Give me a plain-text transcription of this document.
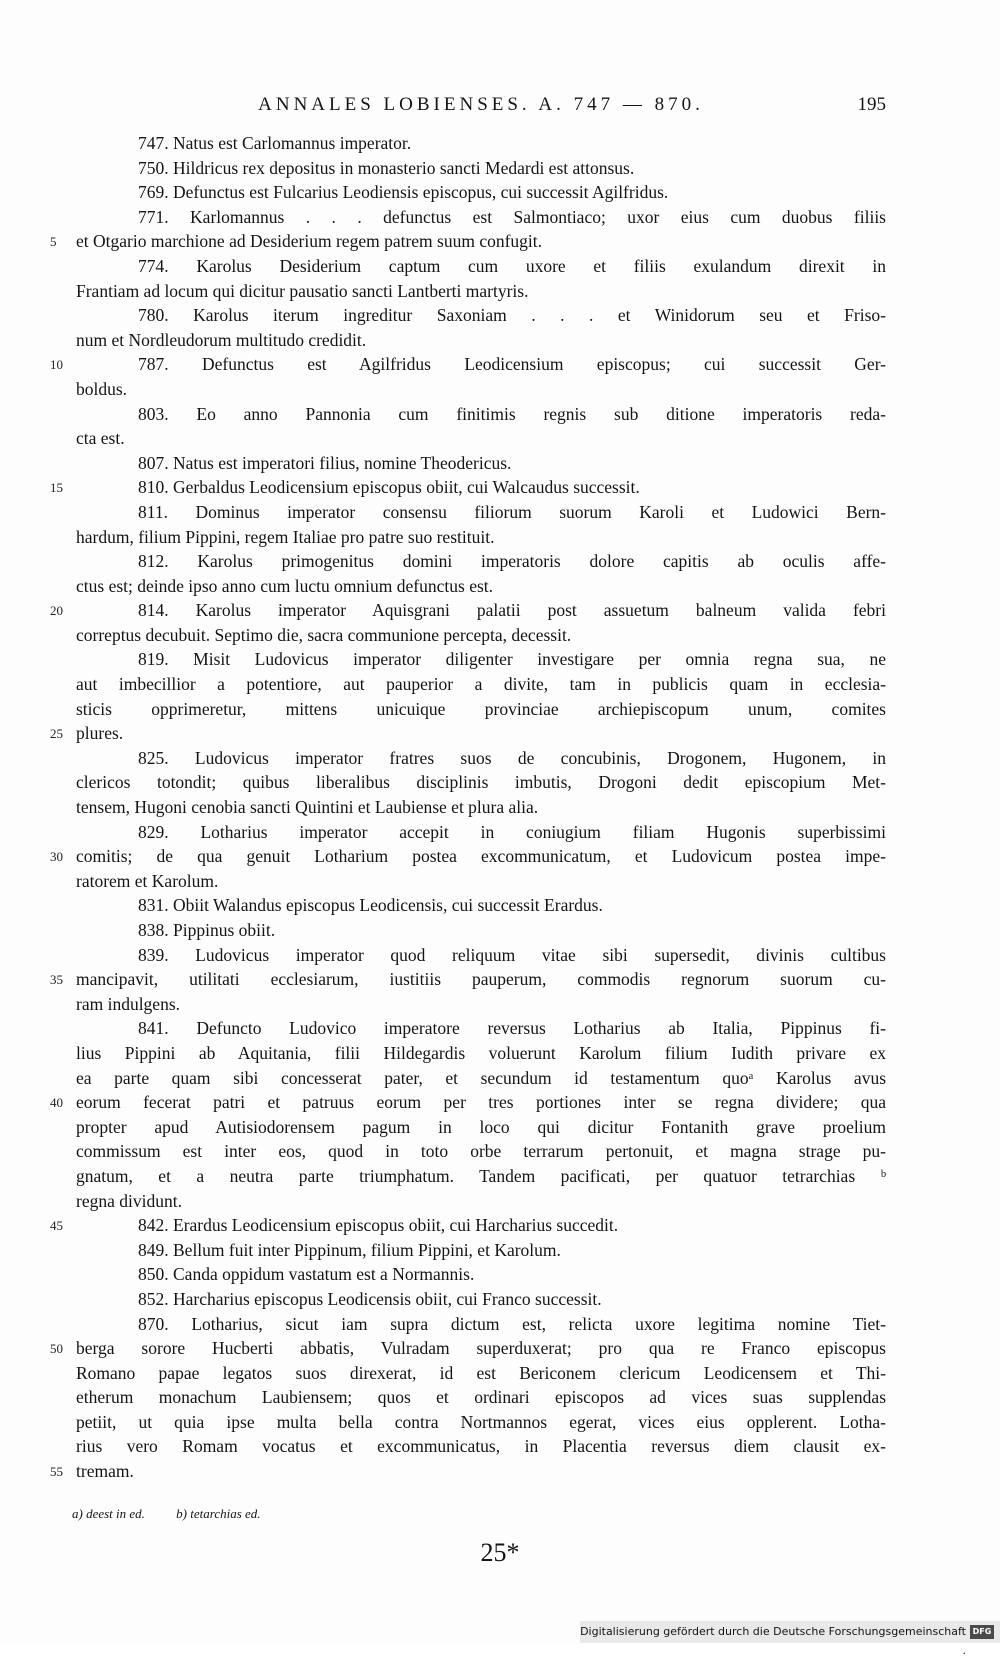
ANNALES LOBIENSES. A. 747 — 870.	195
747. Natus est Carlomannus imperator.
750. Hildricus rex depositus in monasterio sancti Medardi est attonsus.
769. Defunctus est Fulcarius Leodiensis episcopus, cui successit Agilfridus.
771. Karlomannus . . . defunctus est Salmontiaco; uxor eius cum duobus filiis
5 et Otgario marchione ad Desiderium regem patrem suum confugit.
774. Karolus Desiderium captum cum uxore et filiis exulandum direxit in
Frantiam ad locum qui dicitur pausatio sancti Lantberti martyris.
780. Karolus iterum ingreditur Saxoniam . . . et Winidorum seu et Friso-
num et Nordleudorum multitudo credidit.
10	787. Defunctus est Agilfridus Leodicensium episcopus; cui successit Ger-
boldus.
803. Eo anno Pannonia cum finitimis regnis sub ditione imperatoris reda-
cta est.
807. Natus est imperatori filius, nomine Theodericus.
15	810. Gerbaldus Leodicensium episcopus obiit, cui Walcaudus successit.
811. Dominus imperator consensu filiorum suorum Karoli et Ludowici Bern-
hardum, filium Pippini, regem Italiae pro patre suo restituit.
812. Karolus primogenitus domini imperatoris dolore capitis ab oculis affe-
ctus est; deinde ipso anno cum luctu omnium defunctus est.
20	814. Karolus imperator Aquisgrani palatii post assuetum balneum valida febri
correptus decubuit. Septimo die, sacra communione percepta, decessit.
819. Misit Ludovicus imperator diligenter investigare per omnia regna sua, ne
aut imbecillior a potentiore, aut pauperior a divite, tam in publicis quam in ecclesia-
sticis opprimeretur, mittens unicuique provinciae archiepiscopum unum, comites
25 plures.
825. Ludovicus imperator fratres suos de concubinis, Drogonem, Hugonem, in
clericos totondit; quibus liberalibus disciplinis imbutis, Drogoni dedit episcopium Met-
tensem, Hugoni cenobia sancti Quintini et Laubiense et plura alia.
829. Lotharius imperator accepit in coniugium filiam Hugonis superbissimi
30 comitis; de qua genuit Lotharium postea excommunicatum, et Ludovicum postea impe-
ratorem et Karolum.
831. Obiit Walandus episcopus Leodicensis, cui successit Erardus.
838. Pippinus obiit.
839. Ludovicus imperator quod reliquum vitae sibi supersedit, divinis cultibus
35 mancipavit, utilitati ecclesiarum, iustitiis pauperum, commodis regnorum suorum cu-
ram indulgens.
841. Defuncto Ludovico imperatore reversus Lotharius ab Italia, Pippinus fi-
lius Pippini ab Aquitania, filii Hildegardis voluerunt Karolum filium Iudith privare ex
ea parte quam sibi concesserat pater, et secundum id testamentum quoᵃ Karolus avus
40 eorum fecerat patri et patruus eorum per tres portiones inter se regna dividere; qua
propter apud Autisiodorensem pagum in loco qui dicitur Fontanith grave proelium
commissum est inter eos, quod in toto orbe terrarum pertonuit, et magna strage pu-
gnatum, et a neutra parte triumphatum. Tandem pacificati, per quatuor tetrarchias ᵇ
regna dividunt.
45	842. Erardus Leodicensium episcopus obiit, cui Harcharius succedit.
849. Bellum fuit inter Pippinum, filium Pippini, et Karolum.
850. Canda oppidum vastatum est a Normannis.
852. Harcharius episcopus Leodicensis obiit, cui Franco successit.
870. Lotharius, sicut iam supra dictum est, relicta uxore legitima nomine Tiet-
50 berga sorore Hucberti abbatis, Vulradam superduxerat; pro qua re Franco episcopus
Romano papae legatos suos direxerat, id est Bericonem clericum Leodicensem et Thi-
etherum monachum Laubiensem; quos et ordinari episcopos ad vices suas supplendas
petiit, ut quia ipse multa bella contra Nortmannos egerat, vices eius opplerent. Lotha-
rius vero Romam vocatus et excommunicatus, in Placentia reversus diem clausit ex-
55 tremam.
a) deest in ed. b) tetarchias ed.
25*
Digitalisierung gefördert durch die Deutsche Forschungsgemeinschaft ·
DFG
